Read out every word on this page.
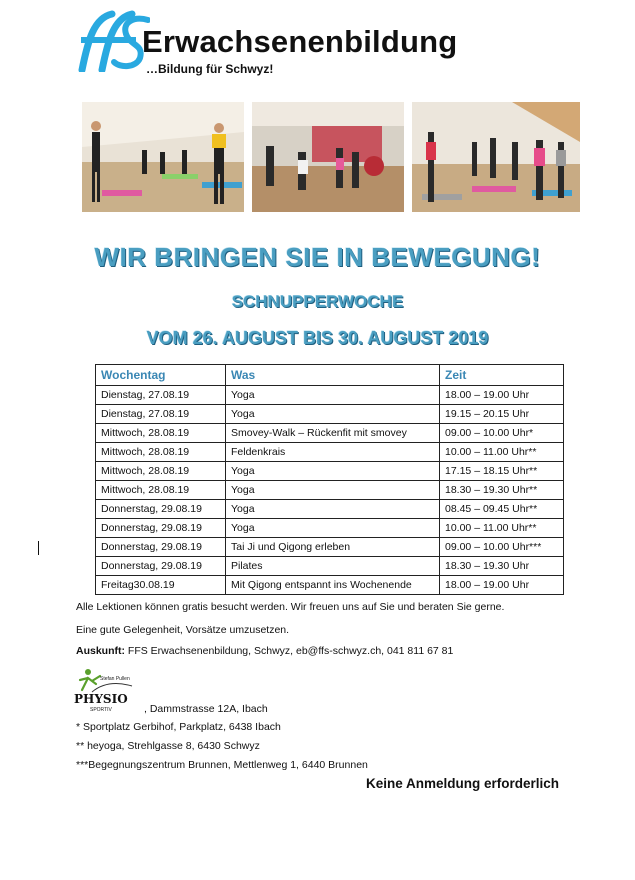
Erwachsenenbildung
…Bildung für Schwyz!
WIR BRINGEN SIE IN BEWEGUNG!
SCHNUPPERWOCHE
VOM 26. AUGUST BIS 30. AUGUST 2019
Wochentag	Was	Zeit
Dienstag, 27.08.19	Yoga	18.00 – 19.00 Uhr
Dienstag, 27.08.19	Yoga	19.15 – 20.15 Uhr
Mittwoch, 28.08.19	Smovey-Walk – Rückenfit mit smovey	09.00 – 10.00 Uhr*
Mittwoch, 28.08.19	Feldenkrais	10.00 – 11.00 Uhr**
Mittwoch, 28.08.19	Yoga	17.15 – 18.15 Uhr**
Mittwoch, 28.08.19	Yoga	18.30 – 19.30 Uhr**
Donnerstag, 29.08.19	Yoga	08.45 – 09.45 Uhr**
Donnerstag, 29.08.19	Yoga	10.00 – 11.00 Uhr**
Donnerstag, 29.08.19	Tai Ji und Qigong erleben	09.00 – 10.00 Uhr***
Donnerstag, 29.08.19	Pilates	18.30 – 19.30 Uhr
Freitag30.08.19	Mit Qigong entspannt ins Wochenende	18.00 – 19.00 Uhr
Alle Lektionen können gratis besucht werden. Wir freuen uns auf Sie und beraten Sie gerne.
Eine gute Gelegenheit, Vorsätze umzusetzen.
Auskunft: FFS Erwachsenenbildung, Schwyz, eb@ffs-schwyz.ch, 041 811 67 81
Stefan Pullen
PHYSIO
SPORTIV	, Dammstrasse 12A, Ibach
* Sportplatz Gerbihof, Parkplatz, 6438 Ibach
** heyoga, Strehlgasse 8, 6430 Schwyz
***Begegnungszentrum Brunnen, Mettlenweg 1, 6440 Brunnen
Keine Anmeldung erforderlich
